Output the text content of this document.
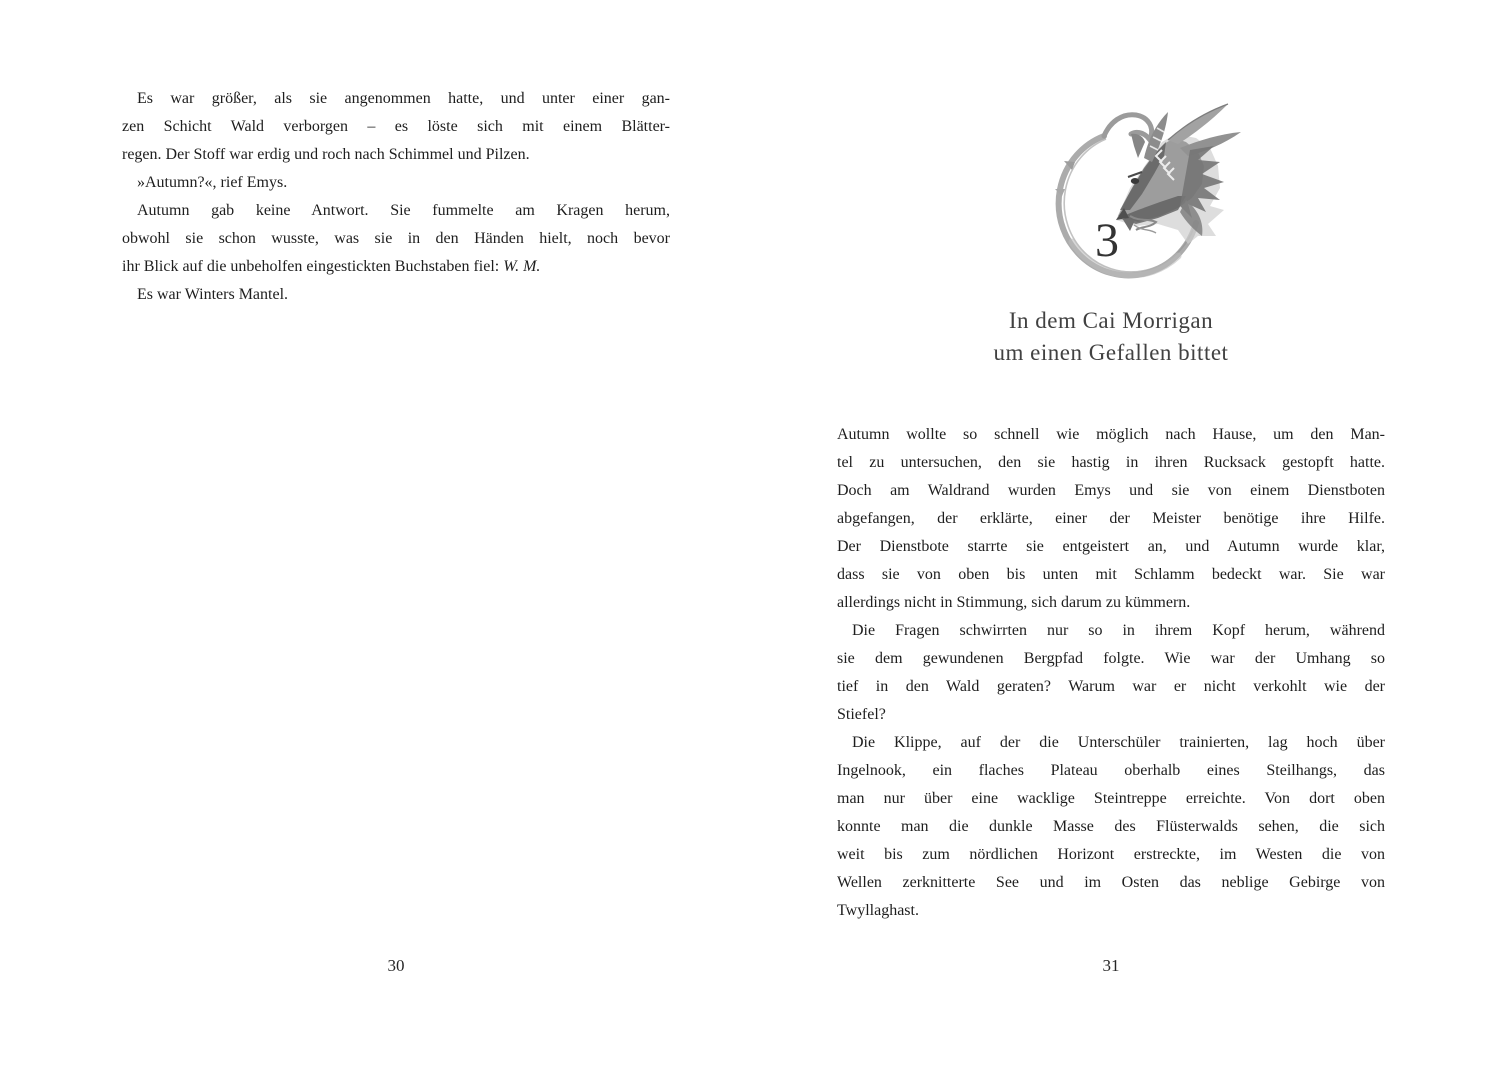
Es war größer, als sie angenommen hatte, und unter einer gan-
zen Schicht Wald verborgen – es löste sich mit einem Blätter-
regen. Der Stoff war erdig und roch nach Schimmel und Pilzen.
»Autumn?«, rief Emys.
Autumn gab keine Antwort. Sie fummelte am Kragen herum,
obwohl sie schon wusste, was sie in den Händen hielt, noch bevor
ihr Blick auf die unbeholfen eingestickten Buchstaben fiel: W. M.
Es war Winters Mantel.
30
3
In dem Cai Morrigan
um einen Gefallen bittet
Autumn wollte so schnell wie möglich nach Hause, um den Man-
tel zu untersuchen, den sie hastig in ihren Rucksack gestopft hatte.
Doch am Waldrand wurden Emys und sie von einem Dienstboten
abgefangen, der erklärte, einer der Meister benötige ihre Hilfe.
Der Dienstbote starrte sie entgeistert an, und Autumn wurde klar,
dass sie von oben bis unten mit Schlamm bedeckt war. Sie war
allerdings nicht in Stimmung, sich darum zu kümmern.
Die Fragen schwirrten nur so in ihrem Kopf herum, während
sie dem gewundenen Bergpfad folgte. Wie war der Umhang so
tief in den Wald geraten? Warum war er nicht verkohlt wie der
Stiefel?
Die Klippe, auf der die Unterschüler trainierten, lag hoch über
Ingelnook, ein flaches Plateau oberhalb eines Steilhangs, das
man nur über eine wacklige Steintreppe erreichte. Von dort oben
konnte man die dunkle Masse des Flüsterwalds sehen, die sich
weit bis zum nördlichen Horizont erstreckte, im Westen die von
Wellen zerknitterte See und im Osten das neblige Gebirge von
Twyllaghast.
31
